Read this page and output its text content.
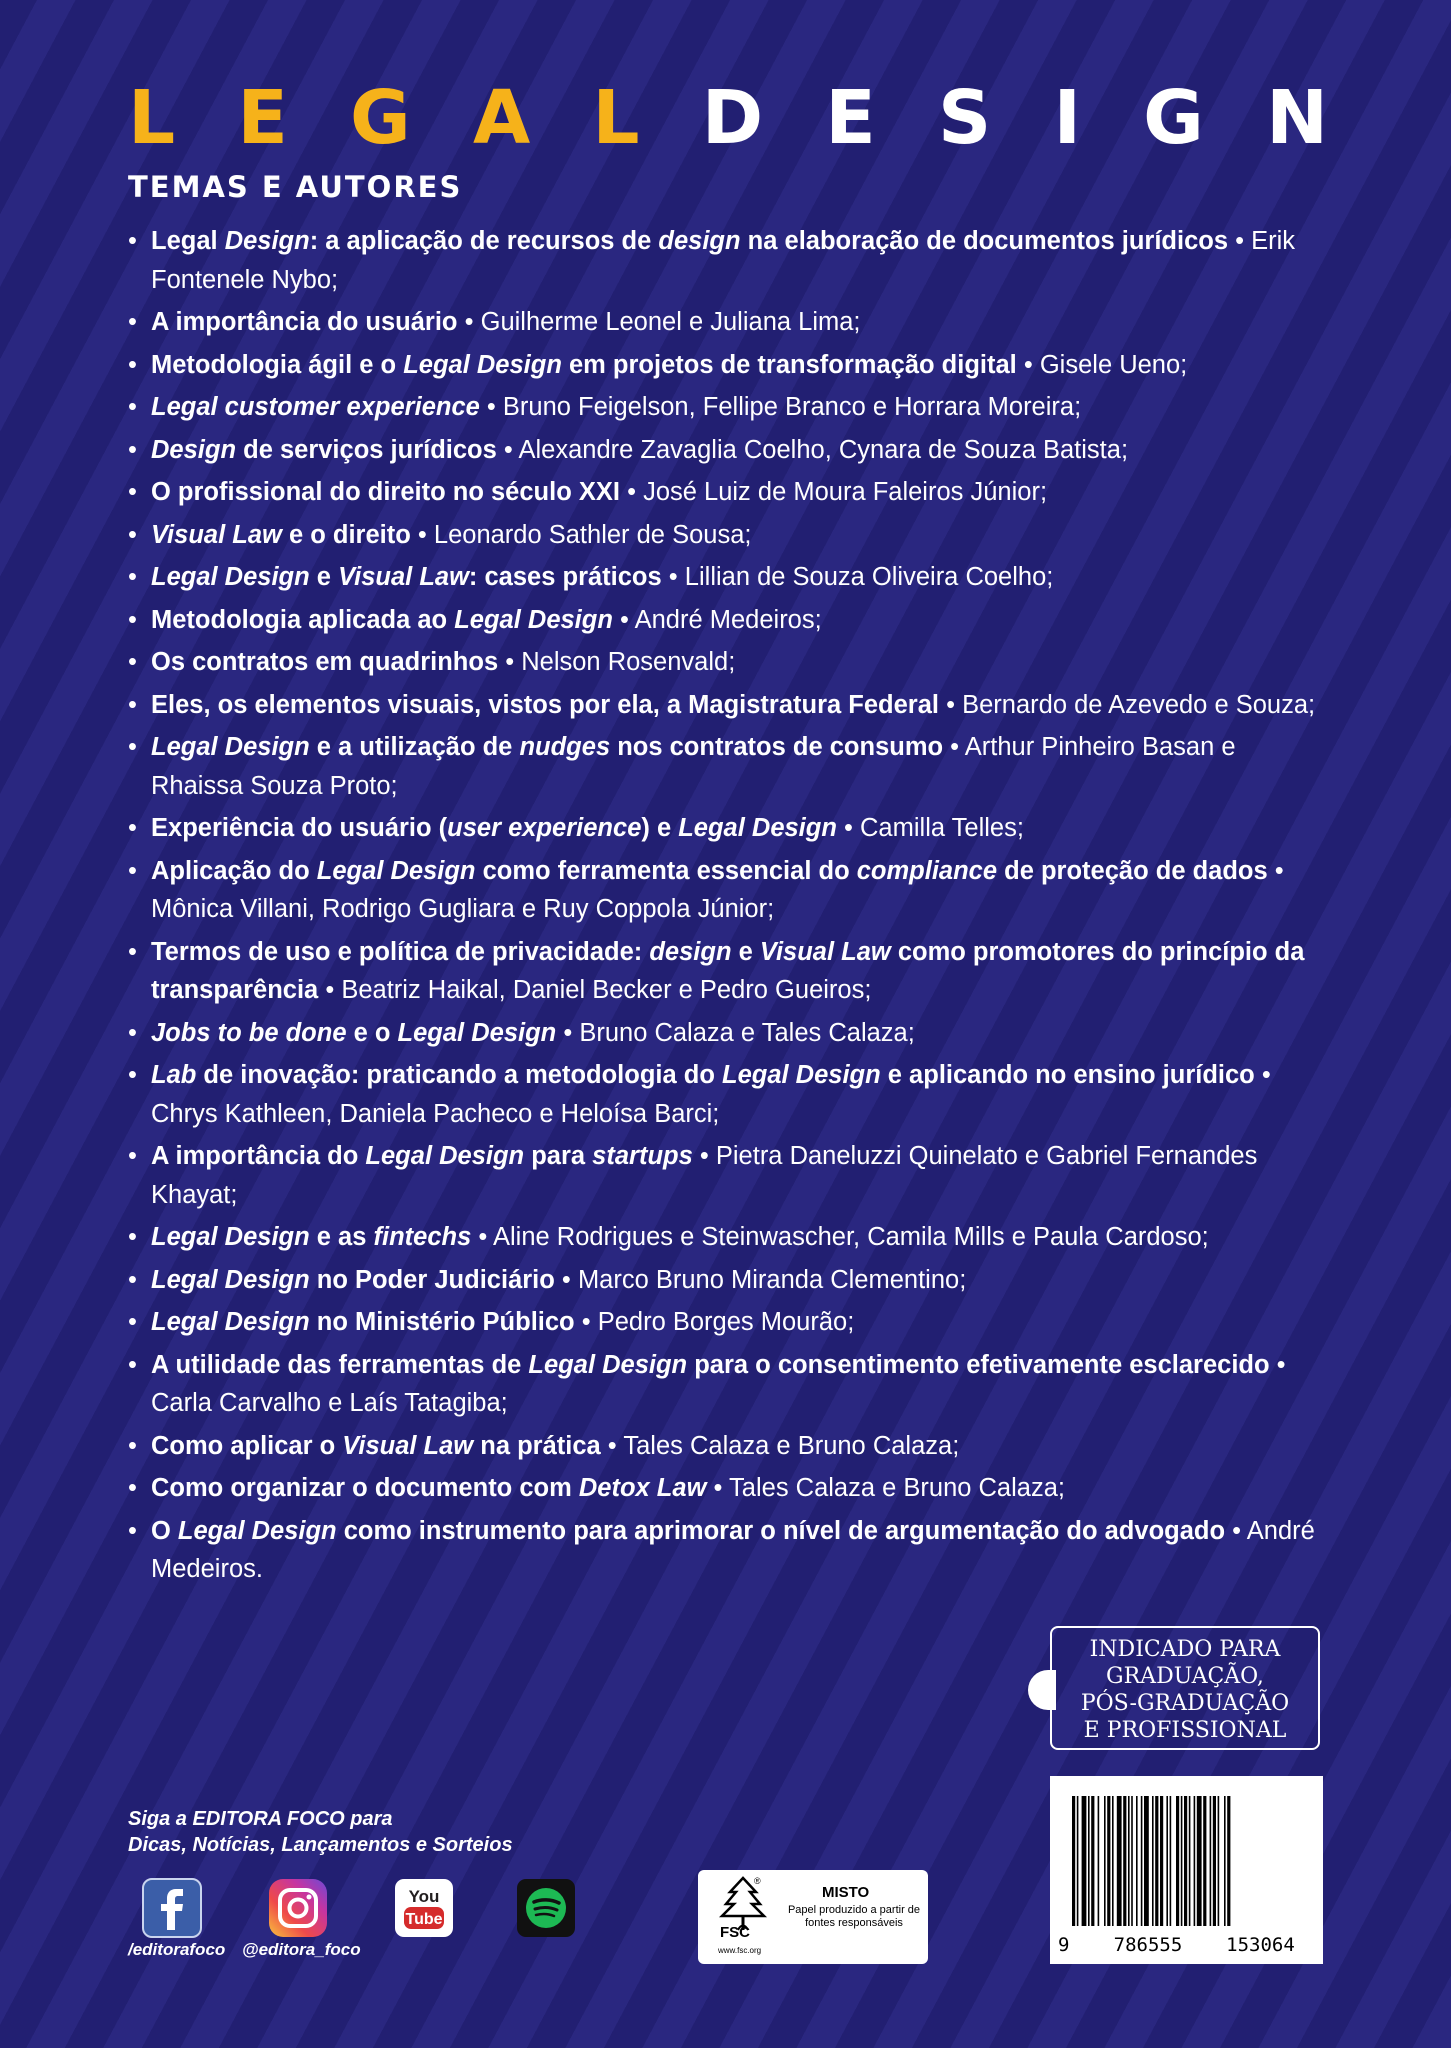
L E G A L D E S I G N
TEMAS E AUTORES
• Legal Design: a aplicação de recursos de design na elaboração de documentos jurídicos • Erik Fontenele Nybo;
• A importância do usuário • Guilherme Leonel e Juliana Lima;
• Metodologia ágil e o Legal Design em projetos de transformação digital • Gisele Ueno;
• Legal customer experience • Bruno Feigelson, Fellipe Branco e Horrara Moreira;
• Design de serviços jurídicos • Alexandre Zavaglia Coelho, Cynara de Souza Batista;
• O profissional do direito no século XXI • José Luiz de Moura Faleiros Júnior;
• Visual Law e o direito • Leonardo Sathler de Sousa;
• Legal Design e Visual Law: cases práticos • Lillian de Souza Oliveira Coelho;
• Metodologia aplicada ao Legal Design • André Medeiros;
• Os contratos em quadrinhos • Nelson Rosenvald;
• Eles, os elementos visuais, vistos por ela, a Magistratura Federal • Bernardo de Azevedo e Souza;
• Legal Design e a utilização de nudges nos contratos de consumo • Arthur Pinheiro Basan e Rhaissa Souza Proto;
• Experiência do usuário (user experience) e Legal Design • Camilla Telles;
• Aplicação do Legal Design como ferramenta essencial do compliance de proteção de dados • Mônica Villani, Rodrigo Gugliara e Ruy Coppola Júnior;
• Termos de uso e política de privacidade: design e Visual Law como promotores do princípio da transparência • Beatriz Haikal, Daniel Becker e Pedro Gueiros;
• Jobs to be done e o Legal Design • Bruno Calaza e Tales Calaza;
• Lab de inovação: praticando a metodologia do Legal Design e aplicando no ensino jurídico • Chrys Kathleen, Daniela Pacheco e Heloísa Barci;
• A importância do Legal Design para startups • Pietra Daneluzzi Quinelato e Gabriel Fernandes Khayat;
• Legal Design e as fintechs • Aline Rodrigues e Steinwascher, Camila Mills e Paula Cardoso;
• Legal Design no Poder Judiciário • Marco Bruno Miranda Clementino;
• Legal Design no Ministério Público • Pedro Borges Mourão;
• A utilidade das ferramentas de Legal Design para o consentimento efetivamente esclarecido • Carla Carvalho e Laís Tatagiba;
• Como aplicar o Visual Law na prática • Tales Calaza e Bruno Calaza;
• Como organizar o documento com Detox Law • Tales Calaza e Bruno Calaza;
• O Legal Design como instrumento para aprimorar o nível de argumentação do advogado • André Medeiros.
INDICADO PARA
GRADUAÇÃO,
PÓS-GRADUAÇÃO
E PROFISSIONAL
9	786555	153064
Siga a EDITORA FOCO para
Dicas, Notícias, Lançamentos e Sorteios
/editorafoco @editora_foco
You
Tube
®
MISTO
Papel produzido a partir de fontes responsáveis
FSC
www.fsc.org
